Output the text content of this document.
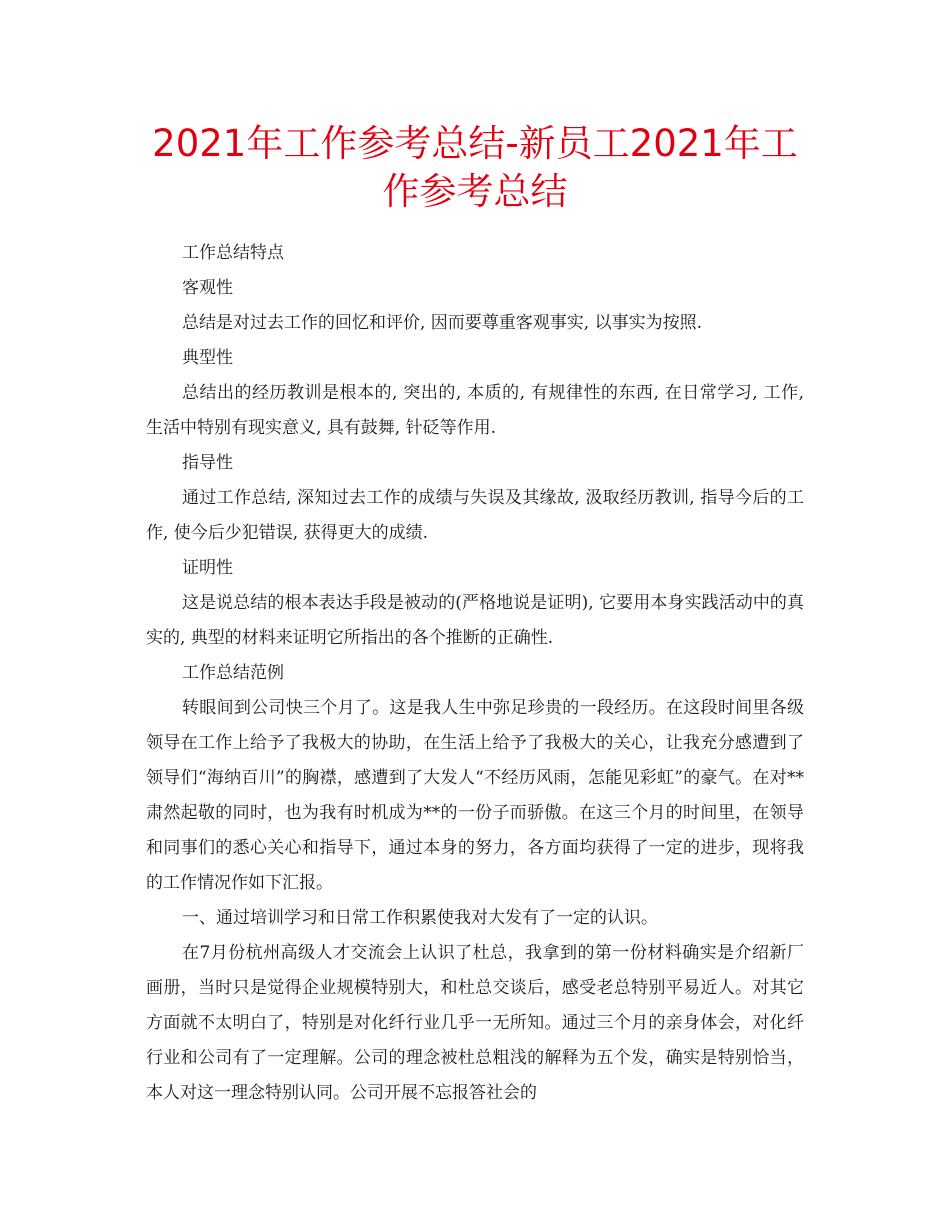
2021年工作参考总结-新员工2021年工作参考总结

工作总结特点

客观性

总结是对过去工作的回忆和评价, 因而要尊重客观事实, 以事实为按照.

典型性

总结出的经历教训是根本的, 突出的, 本质的, 有规律性的东西, 在日常学习, 工作, 生活中特别有现实意义, 具有鼓舞, 针砭等作用.

指导性

通过工作总结, 深知过去工作的成绩与失误及其缘故, 汲取经历教训, 指导今后的工作, 使今后少犯错误, 获得更大的成绩.

证明性

这是说总结的根本表达手段是被动的(严格地说是证明), 它要用本身实践活动中的真实的, 典型的材料来证明它所指出的各个推断的正确性.

工作总结范例

转眼间到公司快三个月了。这是我人生中弥足珍贵的一段经历。在这段时间里各级领导在工作上给予了我极大的协助，在生活上给予了我极大的关心，让我充分感遭到了领导们“海纳百川”的胸襟，感遭到了大发人“不经历风雨，怎能见彩虹”的豪气。在对**肃然起敬的同时，也为我有时机成为**的一份子而骄傲。在这三个月的时间里，在领导和同事们的悉心关心和指导下，通过本身的努力，各方面均获得了一定的进步，现将我的工作情况作如下汇报。

一、通过培训学习和日常工作积累使我对大发有了一定的认识。

在7月份杭州高级人才交流会上认识了杜总，我拿到的第一份材料确实是介绍新厂画册，当时只是觉得企业规模特别大，和杜总交谈后，感受老总特别平易近人。对其它方面就不太明白了，特别是对化纤行业几乎一无所知。通过三个月的亲身体会，对化纤行业和公司有了一定理解。公司的理念被杜总粗浅的解释为五个发，确实是特别恰当，本人对这一理念特别认同。公司开展不忘报答社会的
